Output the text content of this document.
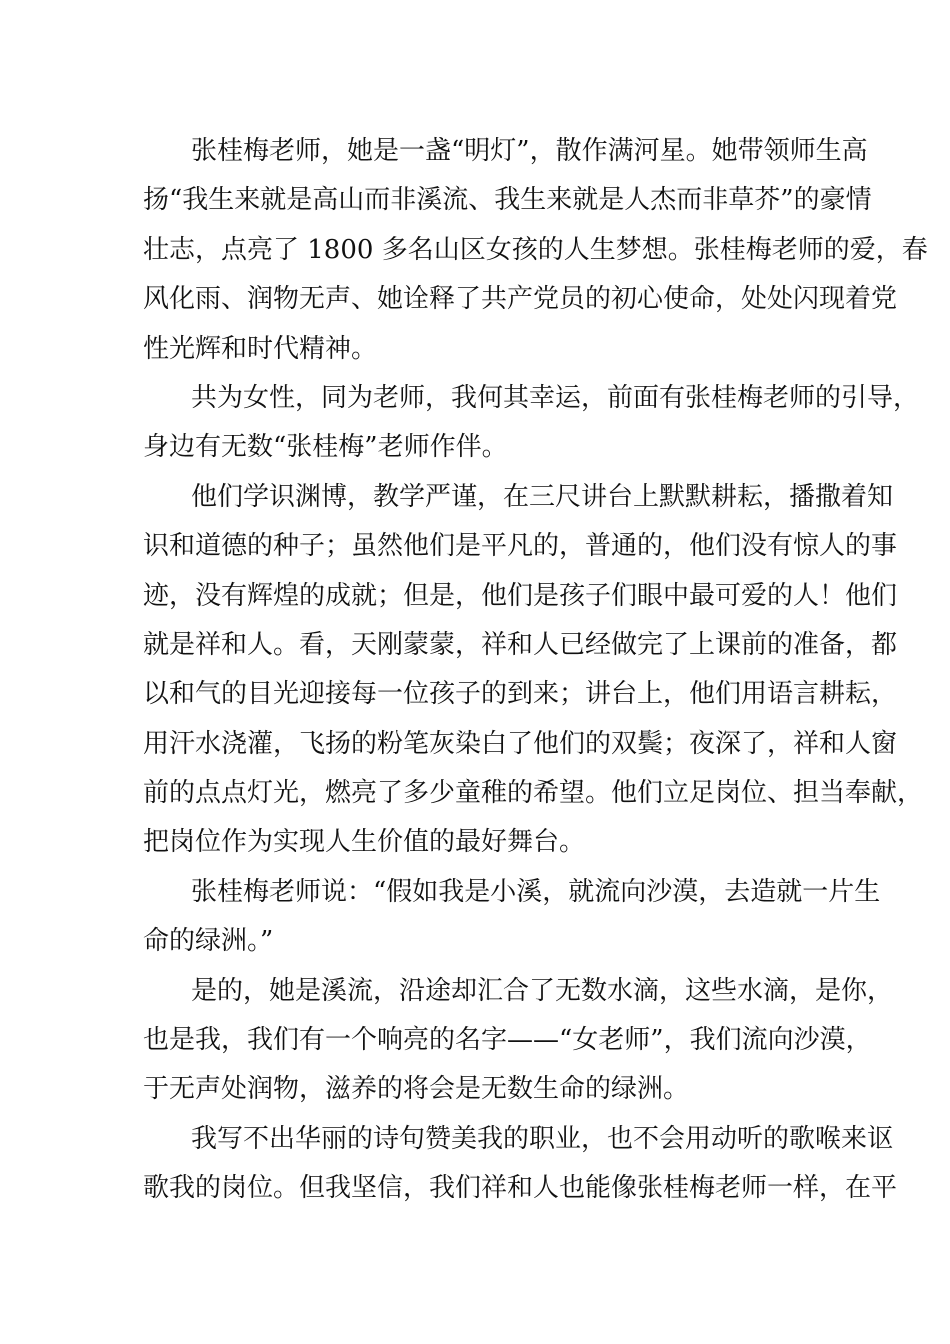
张桂梅老师，她是一盏“明灯”，散作满河星。她带领师生高
扬“我生来就是高山而非溪流、我生来就是人杰而非草芥”的豪情
壮志，点亮了 1800 多名山区女孩的人生梦想。张桂梅老师的爱，春
风化雨、润物无声、她诠释了共产党员的初心使命，处处闪现着党
性光辉和时代精神。
共为女性，同为老师，我何其幸运，前面有张桂梅老师的引导，
身边有无数“张桂梅”老师作伴。
他们学识渊博，教学严谨，在三尺讲台上默默耕耘，播撒着知
识和道德的种子；虽然他们是平凡的，普通的，他们没有惊人的事
迹，没有辉煌的成就；但是，他们是孩子们眼中最可爱的人！他们
就是祥和人。看，天刚蒙蒙，祥和人已经做完了上课前的准备，都
以和气的目光迎接每一位孩子的到来；讲台上，他们用语言耕耘，
用汗水浇灌，飞扬的粉笔灰染白了他们的双鬓；夜深了，祥和人窗
前的点点灯光，燃亮了多少童稚的希望。他们立足岗位、担当奉献，
把岗位作为实现人生价值的最好舞台。
张桂梅老师说：“假如我是小溪，就流向沙漠，去造就一片生
命的绿洲。”
是的，她是溪流，沿途却汇合了无数水滴，这些水滴，是你，
也是我，我们有一个响亮的名字——“女老师”，我们流向沙漠，
于无声处润物，滋养的将会是无数生命的绿洲。
我写不出华丽的诗句赞美我的职业，也不会用动听的歌喉来讴
歌我的岗位。但我坚信，我们祥和人也能像张桂梅老师一样，在平
